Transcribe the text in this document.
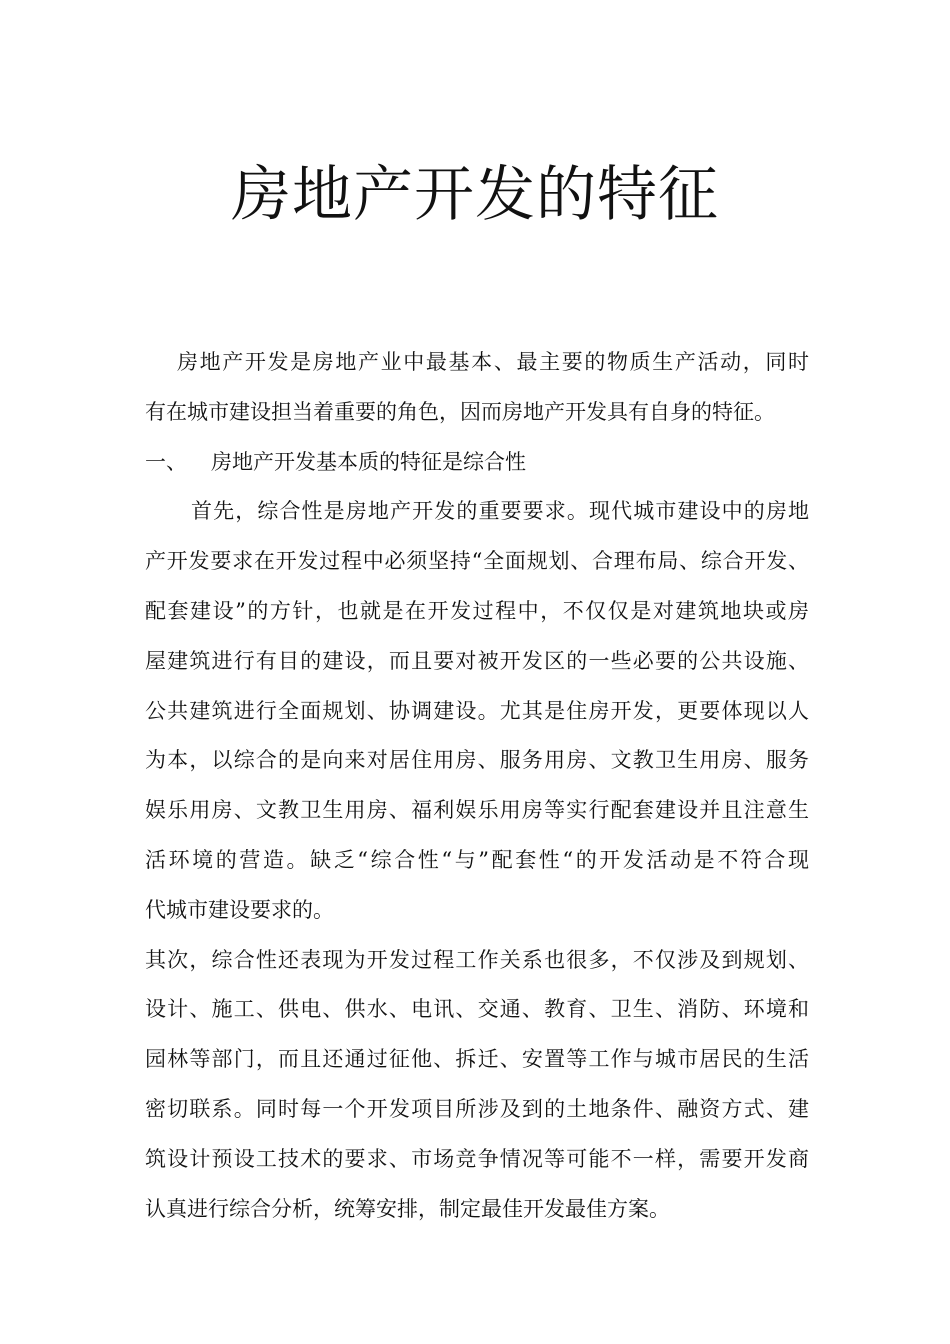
房地产开发的特征
房地产开发是房地产业中最基本、最主要的物质生产活动，同时
有在城市建设担当着重要的角色，因而房地产开发具有自身的特征。
一、	房地产开发基本质的特征是综合性
首先，综合性是房地产开发的重要要求。现代城市建设中的房地
产开发要求在开发过程中必须坚持“全面规划、合理布局、综合开发、
配套建设”的方针，也就是在开发过程中，不仅仅是对建筑地块或房
屋建筑进行有目的建设，而且要对被开发区的一些必要的公共设施、
公共建筑进行全面规划、协调建设。尤其是住房开发，更要体现以人
为本，以综合的是向来对居住用房、服务用房、文教卫生用房、服务
娱乐用房、文教卫生用房、福利娱乐用房等实行配套建设并且注意生
活环境的营造。缺乏“综合性“与”配套性“的开发活动是不符合现
代城市建设要求的。
其次，综合性还表现为开发过程工作关系也很多，不仅涉及到规划、
设计、施工、供电、供水、电讯、交通、教育、卫生、消防、环境和
园林等部门，而且还通过征他、拆迁、安置等工作与城市居民的生活
密切联系。同时每一个开发项目所涉及到的土地条件、融资方式、建
筑设计预设工技术的要求、市场竞争情况等可能不一样，需要开发商
认真进行综合分析，统筹安排，制定最佳开发最佳方案。
